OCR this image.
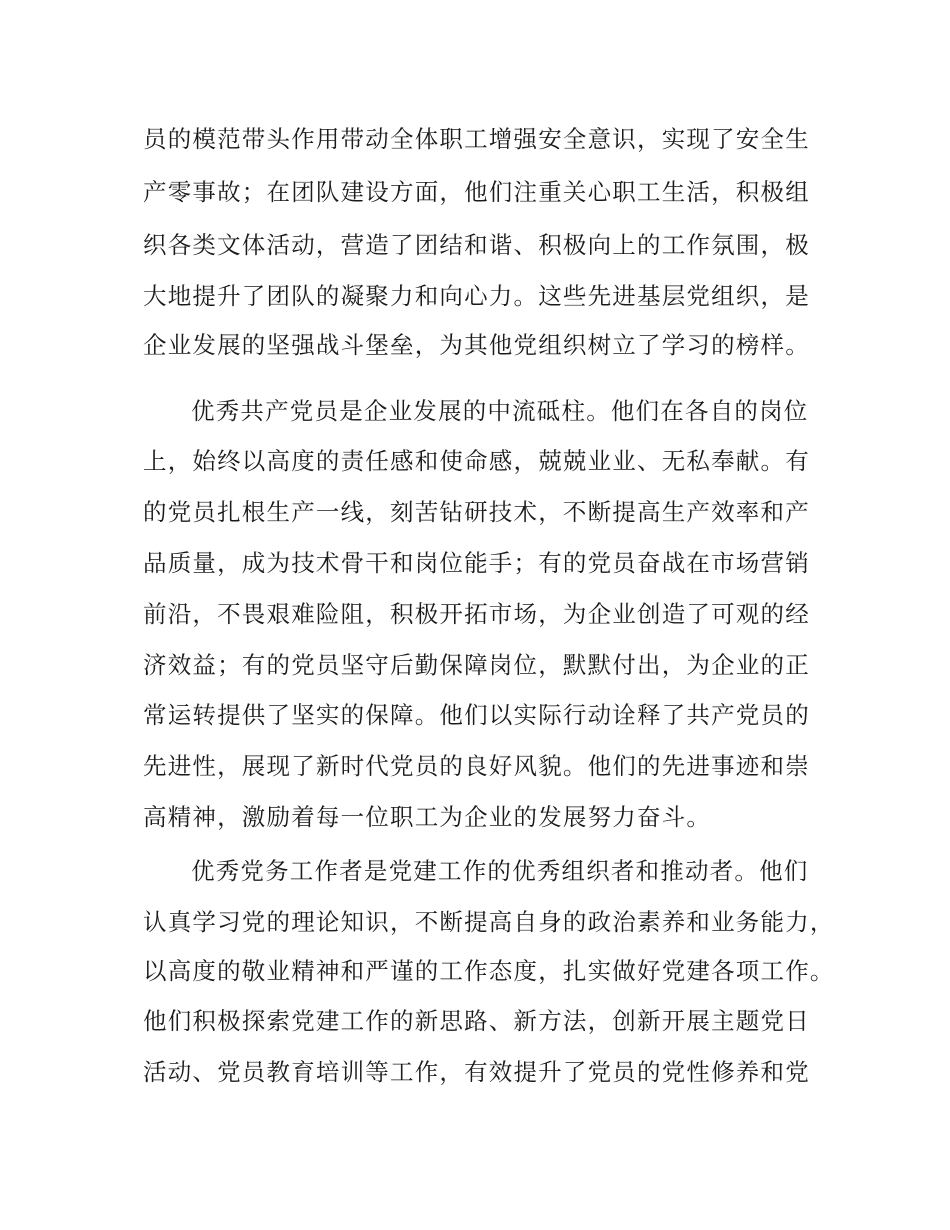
员的模范带头作用带动全体职工增强安全意识，实现了安全生
产零事故；在团队建设方面，他们注重关心职工生活，积极组
织各类文体活动，营造了团结和谐、积极向上的工作氛围，极
大地提升了团队的凝聚力和向心力。这些先进基层党组织，是
企业发展的坚强战斗堡垒，为其他党组织树立了学习的榜样。
优秀共产党员是企业发展的中流砥柱。他们在各自的岗位
上，始终以高度的责任感和使命感，兢兢业业、无私奉献。有
的党员扎根生产一线，刻苦钻研技术，不断提高生产效率和产
品质量，成为技术骨干和岗位能手；有的党员奋战在市场营销
前沿，不畏艰难险阻，积极开拓市场，为企业创造了可观的经
济效益；有的党员坚守后勤保障岗位，默默付出，为企业的正
常运转提供了坚实的保障。他们以实际行动诠释了共产党员的
先进性，展现了新时代党员的良好风貌。他们的先进事迹和崇
高精神，激励着每一位职工为企业的发展努力奋斗。
优秀党务工作者是党建工作的优秀组织者和推动者。他们
认真学习党的理论知识，不断提高自身的政治素养和业务能力，
以高度的敬业精神和严谨的工作态度，扎实做好党建各项工作。
他们积极探索党建工作的新思路、新方法，创新开展主题党日
活动、党员教育培训等工作，有效提升了党员的党性修养和党
